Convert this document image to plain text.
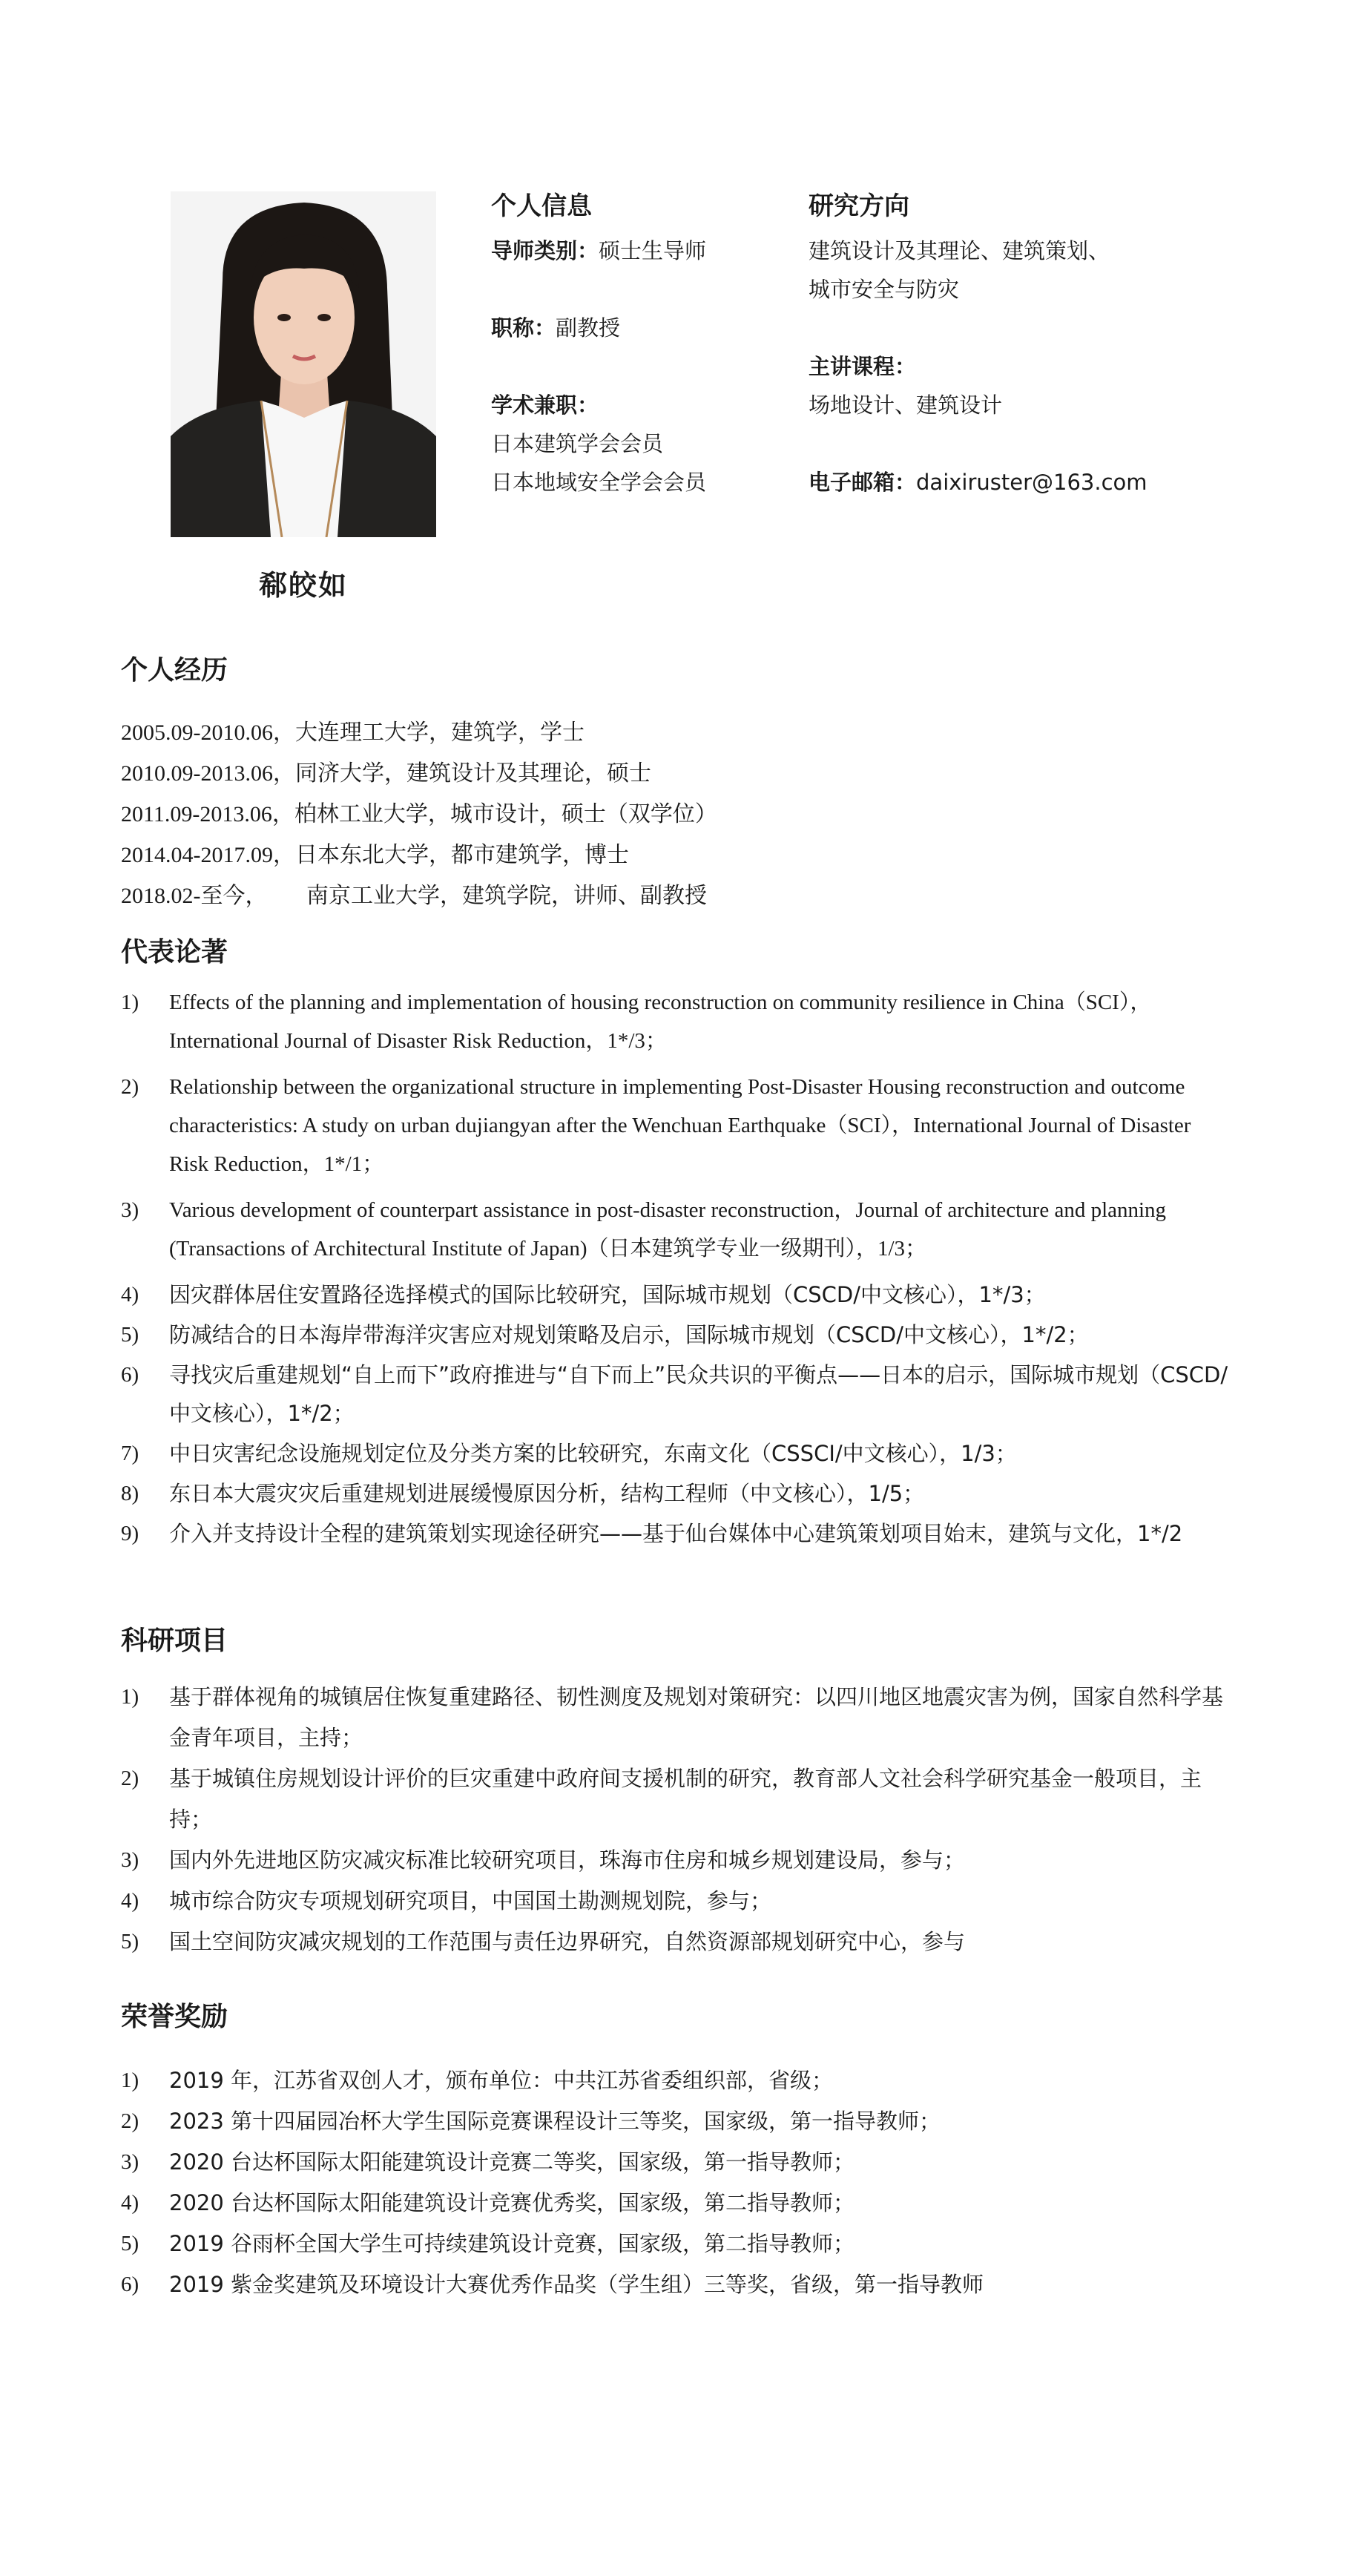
郗皎如
个人信息
导师类别：硕士生导师
职称：副教授
学术兼职：
日本建筑学会会员
日本地域安全学会会员
研究方向
建筑设计及其理论、建筑策划、
城市安全与防灾
主讲课程：
场地设计、建筑设计
电子邮箱：daixiruster@163.com
个人经历
2005.09-2010.06，大连理工大学，建筑学，学士
2010.09-2013.06，同济大学，建筑设计及其理论，硕士
2011.09-2013.06，柏林工业大学，城市设计，硕士（双学位）
2014.04-2017.09，日本东北大学，都市建筑学，博士
2018.02-至今，       南京工业大学，建筑学院，讲师、副教授
代表论著
1) Effects of the planning and implementation of housing reconstruction on community resilience in China（SCI），International Journal of Disaster Risk Reduction，1*/3；
2) Relationship between the organizational structure in implementing Post-Disaster Housing reconstruction and outcome characteristics: A study on urban dujiangyan after the Wenchuan Earthquake（SCI），International Journal of Disaster Risk Reduction，1*/1；
3) Various development of counterpart assistance in post-disaster reconstruction，Journal of architecture and planning (Transactions of Architectural Institute of Japan)（日本建筑学专业一级期刊），1/3；
4) 因灾群体居住安置路径选择模式的国际比较研究，国际城市规划（CSCD/中文核心），1*/3；
5) 防减结合的日本海岸带海洋灾害应对规划策略及启示，国际城市规划（CSCD/中文核心），1*/2；
6) 寻找灾后重建规划“自上而下”政府推进与“自下而上”民众共识的平衡点——日本的启示，国际城市规划（CSCD/中文核心），1*/2；
7) 中日灾害纪念设施规划定位及分类方案的比较研究，东南文化（CSSCI/中文核心），1/3；
8) 东日本大震灾灾后重建规划进展缓慢原因分析，结构工程师（中文核心），1/5；
9) 介入并支持设计全程的建筑策划实现途径研究——基于仙台媒体中心建筑策划项目始末，建筑与文化，1*/2
科研项目
1) 基于群体视角的城镇居住恢复重建路径、韧性测度及规划对策研究：以四川地区地震灾害为例，国家自然科学基金青年项目，主持；
2) 基于城镇住房规划设计评价的巨灾重建中政府间支援机制的研究，教育部人文社会科学研究基金一般项目，主持；
3) 国内外先进地区防灾减灾标准比较研究项目，珠海市住房和城乡规划建设局，参与；
4) 城市综合防灾专项规划研究项目，中国国土勘测规划院，参与；
5) 国土空间防灾减灾规划的工作范围与责任边界研究，自然资源部规划研究中心，参与
荣誉奖励
1) 2019 年，江苏省双创人才，颁布单位：中共江苏省委组织部，省级；
2) 2023 第十四届园冶杯大学生国际竞赛课程设计三等奖，国家级，第一指导教师；
3) 2020 台达杯国际太阳能建筑设计竞赛二等奖，国家级，第一指导教师；
4) 2020 台达杯国际太阳能建筑设计竞赛优秀奖，国家级，第二指导教师；
5) 2019 谷雨杯全国大学生可持续建筑设计竞赛，国家级，第二指导教师；
6) 2019 紫金奖建筑及环境设计大赛优秀作品奖（学生组）三等奖，省级，第一指导教师
